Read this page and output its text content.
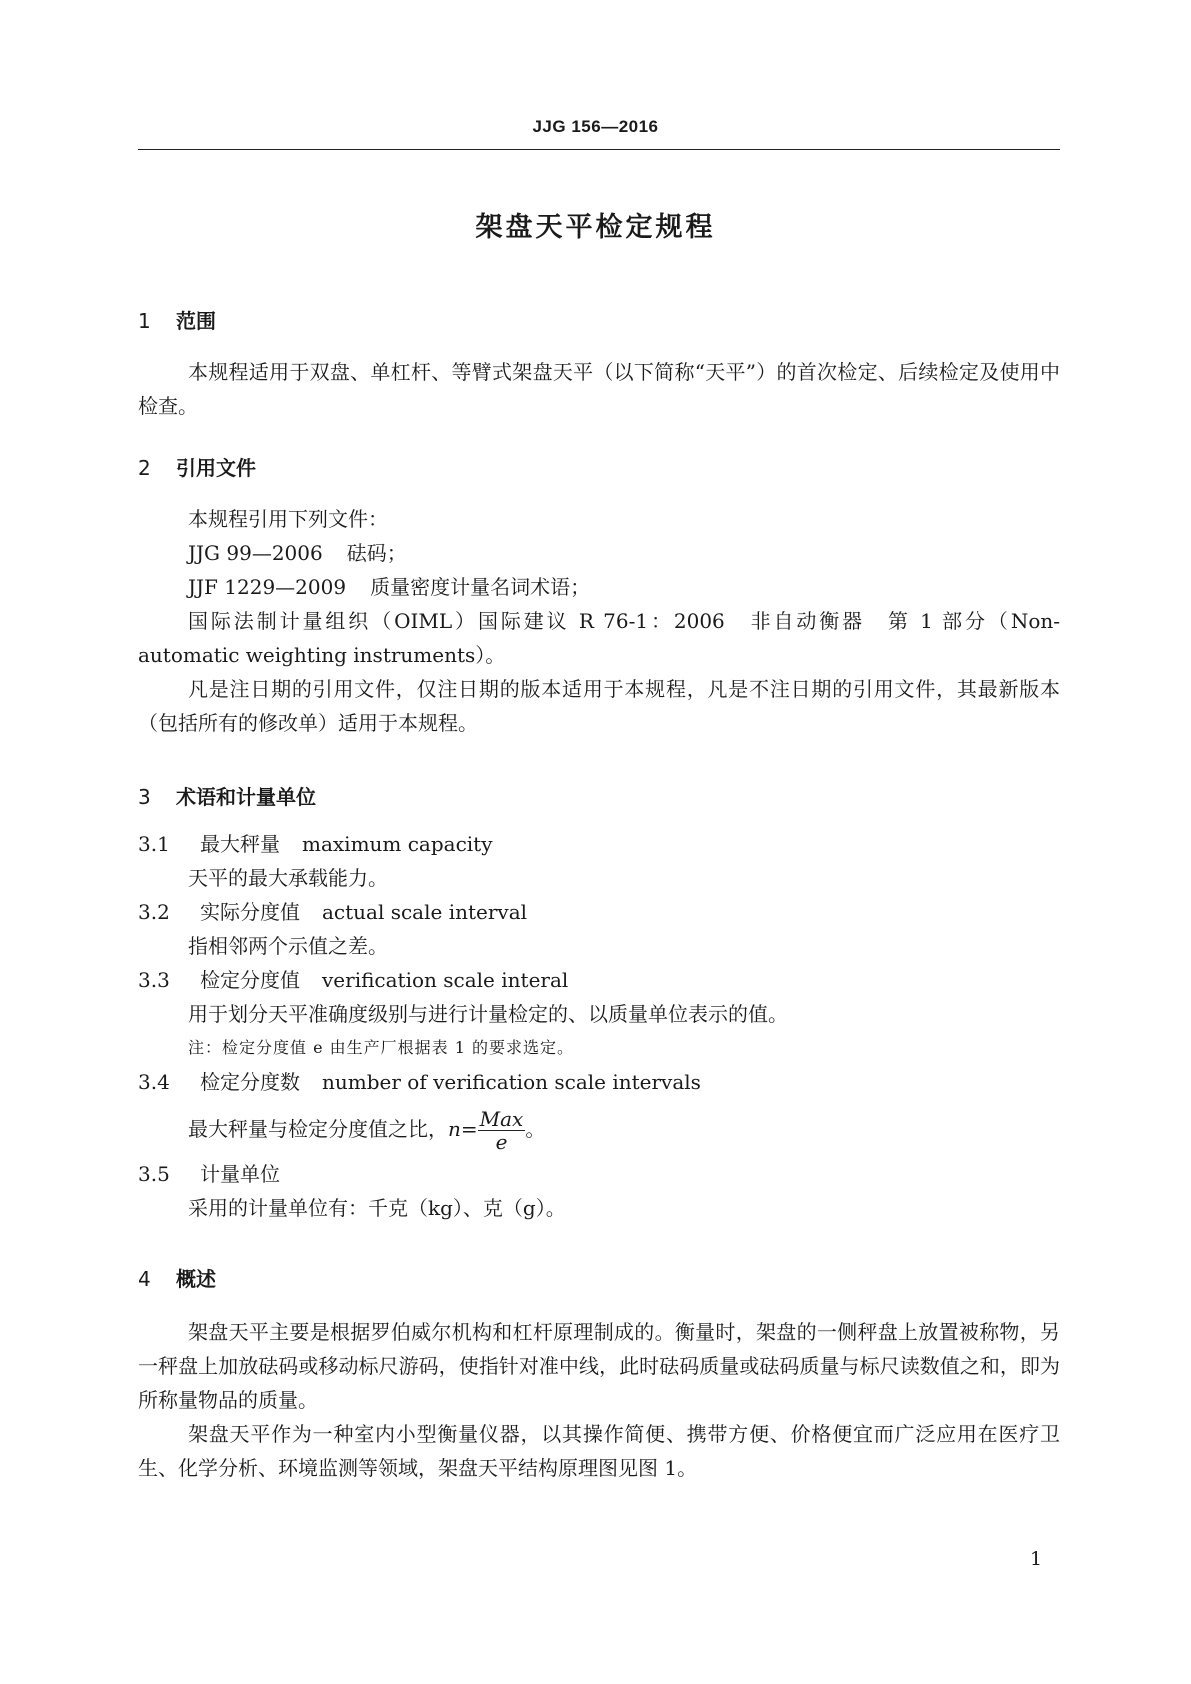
JJG 156—2016
架盘天平检定规程
1 范围

本规程适用于双盘、单杠杆、等臂式架盘天平（以下简称“天平”）的首次检定、后续检定及使用中检查。

2 引用文件
本规程引用下列文件：
JJG 99—2006 砝码；
JJF 1229—2009 质量密度计量名词术语；

国际法制计量组织（OIML）国际建议 R 76-1：2006　非自动衡器　第 1 部分（Non-automatic weighting instruments）。

凡是注日期的引用文件，仅注日期的版本适用于本规程，凡是不注日期的引用文件，其最新版本（包括所有的修改单）适用于本规程。

3 术语和计量单位
3.1 最大秤量 maximum capacity
天平的最大承载能力。
3.2 实际分度值 actual scale interval
指相邻两个示值之差。
3.3 检定分度值 verification scale interal
用于划分天平准确度级别与进行计量检定的、以质量单位表示的值。
注：检定分度值 e 由生产厂根据表 1 的要求选定。
3.4 检定分度数 number of verification scale intervals
最大秤量与检定分度值之比，$n= \frac{\text{Max}}{e}$ 。
3.5 计量单位
采用的计量单位有：千克（kg）、克（g）。
4 概述

架盘天平主要是根据罗伯威尔机构和杠杆原理制成的。衡量时，架盘的一侧秤盘上放置被称物，另一秤盘上加放砝码或移动标尺游码，使指针对准中线，此时砝码质量或砝码质量与标尺读数值之和，即为所称量物品的质量。

架盘天平作为一种室内小型衡量仪器，以其操作简便、携带方便、价格便宜而广泛应用在医疗卫生、化学分析、环境监测等领域，架盘天平结构原理图见图 1。

1
